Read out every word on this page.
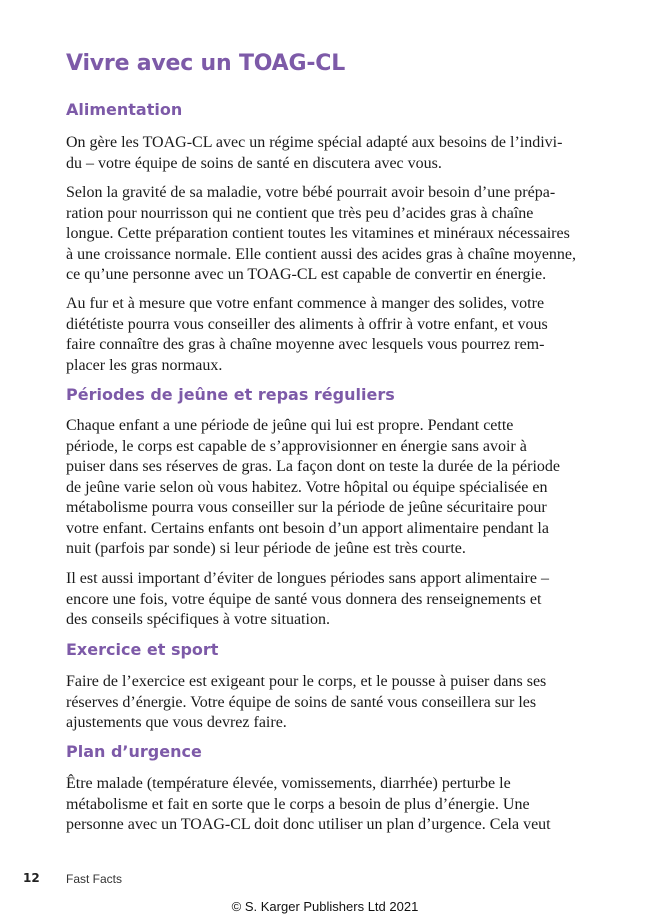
Vivre avec un TOAG-CL
Alimentation
On gère les TOAG-CL avec un régime spécial adapté aux besoins de l’indivi-
du – votre équipe de soins de santé en discutera avec vous.
Selon la gravité de sa maladie, votre bébé pourrait avoir besoin d’une prépa-
ration pour nourrisson qui ne contient que très peu d’acides gras à chaîne
longue. Cette préparation contient toutes les vitamines et minéraux nécessaires
à une croissance normale. Elle contient aussi des acides gras à chaîne moyenne,
ce qu’une personne avec un TOAG-CL est capable de convertir en énergie.
Au fur et à mesure que votre enfant commence à manger des solides, votre
diététiste pourra vous conseiller des aliments à offrir à votre enfant, et vous
faire connaître des gras à chaîne moyenne avec lesquels vous pourrez rem-
placer les gras normaux.
Périodes de jeûne et repas réguliers
Chaque enfant a une période de jeûne qui lui est propre. Pendant cette
période, le corps est capable de s’approvisionner en énergie sans avoir à
puiser dans ses réserves de gras. La façon dont on teste la durée de la période
de jeûne varie selon où vous habitez. Votre hôpital ou équipe spécialisée en
métabolisme pourra vous conseiller sur la période de jeûne sécuritaire pour
votre enfant. Certains enfants ont besoin d’un apport alimentaire pendant la
nuit (parfois par sonde) si leur période de jeûne est très courte.
Il est aussi important d’éviter de longues périodes sans apport alimentaire –
encore une fois, votre équipe de santé vous donnera des renseignements et
des conseils spécifiques à votre situation.
Exercice et sport
Faire de l’exercice est exigeant pour le corps, et le pousse à puiser dans ses
réserves d’énergie. Votre équipe de soins de santé vous conseillera sur les
ajustements que vous devrez faire.
Plan d’urgence
Être malade (température élevée, vomissements, diarrhée) perturbe le
métabolisme et fait en sorte que le corps a besoin de plus d’énergie. Une
personne avec un TOAG-CL doit donc utiliser un plan d’urgence. Cela veut
12 Fast Facts
© S. Karger Publishers Ltd 2021
